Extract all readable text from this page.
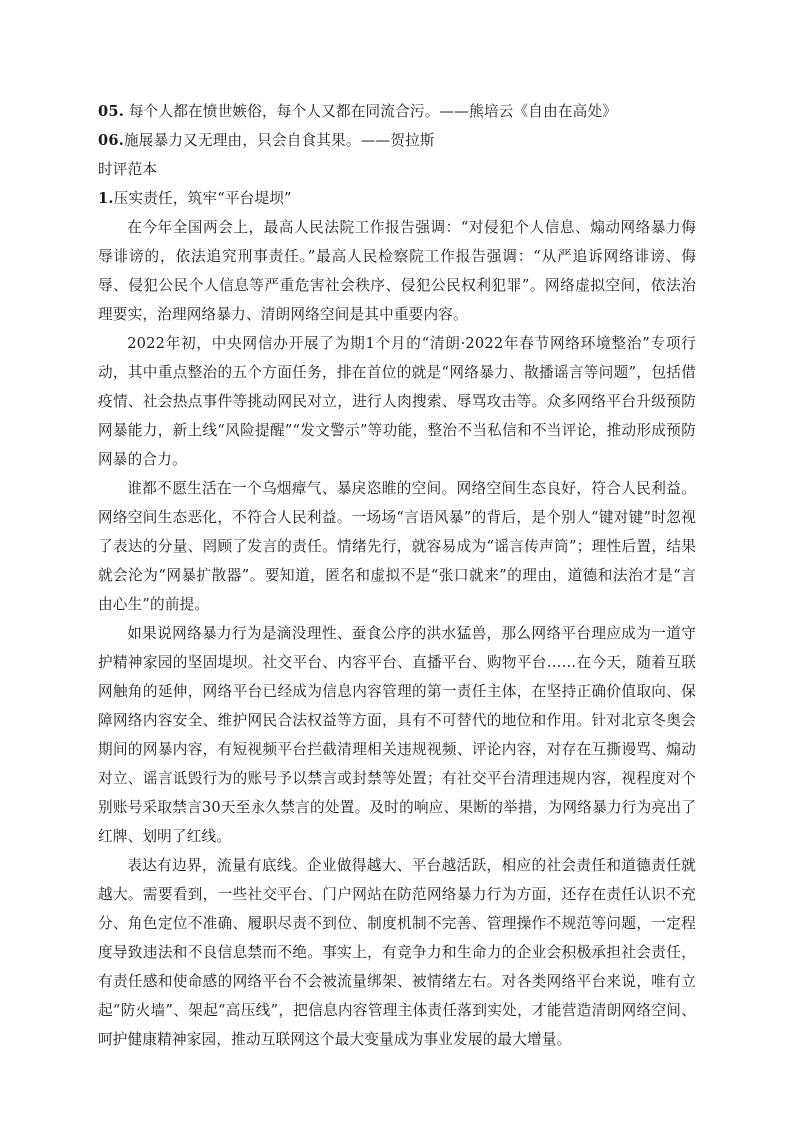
05. 每个人都在愤世嫉俗，每个人又都在同流合污。——熊培云《自由在高处》
06.施展暴力又无理由，只会自食其果。——贺拉斯
时评范本
1.压实责任，筑牢“平台堤坝”

在今年全国两会上，最高人民法院工作报告强调：“对侵犯个人信息、煽动网络暴力侮辱诽谤的，依法追究刑事责任。”最高人民检察院工作报告强调：“从严追诉网络诽谤、侮辱、侵犯公民个人信息等严重危害社会秩序、侵犯公民权利犯罪”。网络虚拟空间，依法治理要实，治理网络暴力、清朗网络空间是其中重要内容。

2022年初，中央网信办开展了为期1个月的“清朗·2022年春节网络环境整治”专项行动，其中重点整治的五个方面任务，排在首位的就是“网络暴力、散播谣言等问题”，包括借疫情、社会热点事件等挑动网民对立，进行人肉搜索、辱骂攻击等。众多网络平台升级预防网暴能力，新上线“风险提醒”“发文警示”等功能，整治不当私信和不当评论，推动形成预防网暴的合力。

谁都不愿生活在一个乌烟瘴气、暴戾恣睢的空间。网络空间生态良好，符合人民利益。网络空间生态恶化，不符合人民利益。一场场“言语风暴”的背后，是个别人“键对键”时忽视了表达的分量、罔顾了发言的责任。情绪先行，就容易成为“谣言传声筒”；理性后置，结果就会沦为“网暴扩散器”。要知道，匿名和虚拟不是“张口就来”的理由，道德和法治才是“言由心生”的前提。

如果说网络暴力行为是滴没理性、蚕食公序的洪水猛兽，那么网络平台理应成为一道守护精神家园的坚固堤坝。社交平台、内容平台、直播平台、购物平台……在今天，随着互联网触角的延伸，网络平台已经成为信息内容管理的第一责任主体，在坚持正确价值取向、保障网络内容安全、维护网民合法权益等方面，具有不可替代的地位和作用。针对北京冬奥会期间的网暴内容，有短视频平台拦截清理相关违规视频、评论内容，对存在互撕谩骂、煽动对立、谣言诋毁行为的账号予以禁言或封禁等处置；有社交平台清理违规内容，视程度对个别账号采取禁言30天至永久禁言的处置。及时的响应、果断的举措，为网络暴力行为亮出了红牌、划明了红线。

表达有边界，流量有底线。企业做得越大、平台越活跃，相应的社会责任和道德责任就越大。需要看到，一些社交平台、门户网站在防范网络暴力行为方面，还存在责任认识不充分、角色定位不准确、履职尽责不到位、制度机制不完善、管理操作不规范等问题，一定程度导致违法和不良信息禁而不绝。事实上，有竞争力和生命力的企业会积极承担社会责任，有责任感和使命感的网络平台不会被流量绑架、被情绪左右。对各类网络平台来说，唯有立起“防火墙”、架起“高压线”，把信息内容管理主体责任落到实处，才能营造清朗网络空间、呵护健康精神家园，推动互联网这个最大变量成为事业发展的最大增量。
